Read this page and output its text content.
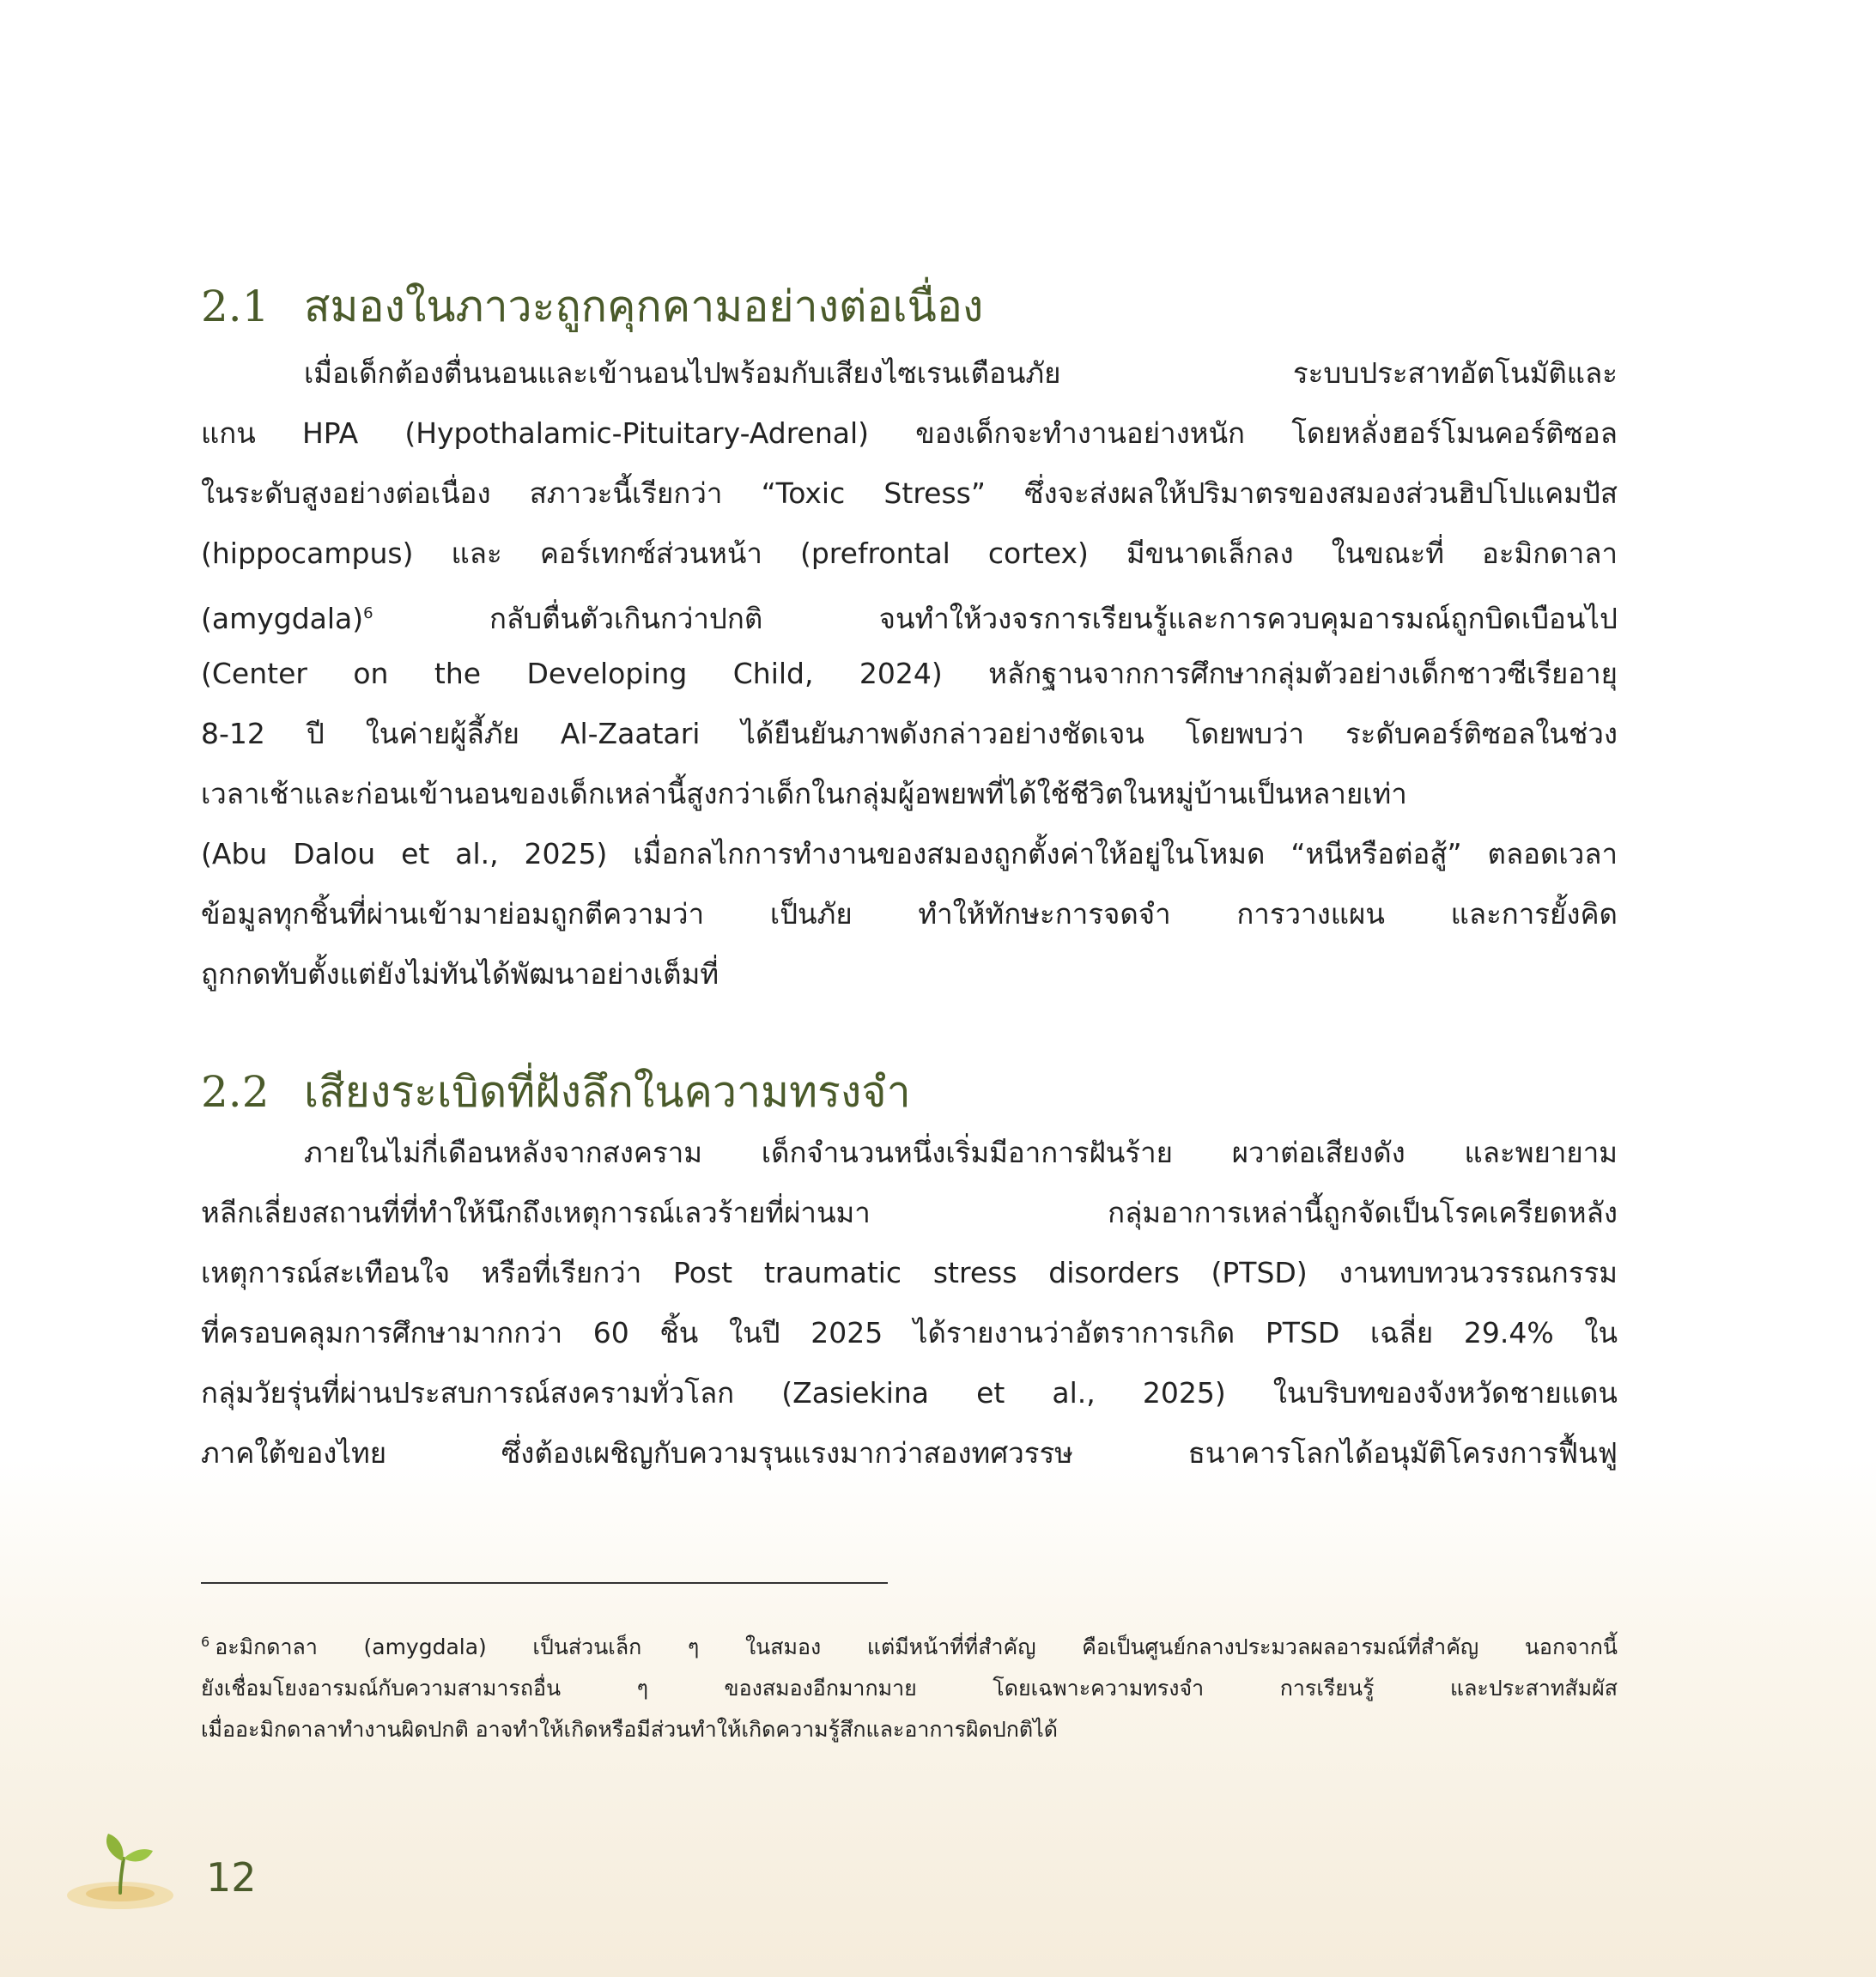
2.1 สมองในภาวะถูกคุกคามอย่างต่อเนื่อง
เมื่อเด็กต้องตื่นนอนและเข้านอนไปพร้อมกับเสียงไซเรนเตือนภัย ระบบประสาทอัตโนมัติและ
แกน HPA (Hypothalamic-Pituitary-Adrenal) ของเด็กจะทำงานอย่างหนัก โดยหลั่งฮอร์โมนคอร์ติซอล
ในระดับสูงอย่างต่อเนื่อง สภาวะนี้เรียกว่า “Toxic Stress” ซึ่งจะส่งผลให้ปริมาตรของสมองส่วนฮิปโปแคมปัส
(hippocampus) และ คอร์เทกซ์ส่วนหน้า (prefrontal cortex) มีขนาดเล็กลง ในขณะที่ อะมิกดาลา
(amygdala)$^6$	กลับตื่นตัวเกินกว่าปกติ จนทำให้วงจรการเรียนรู้และการควบคุมอารมณ์ถูกบิดเบือนไป
(Center on the Developing Child, 2024) หลักฐานจากการศึกษากลุ่มตัวอย่างเด็กชาวซีเรียอายุ
8-12 ปี ในค่ายผู้ลี้ภัย Al-Zaatari ได้ยืนยันภาพดังกล่าวอย่างชัดเจน โดยพบว่า ระดับคอร์ติซอลในช่วง
เวลาเช้าและก่อนเข้านอนของเด็กเหล่านี้สูงกว่าเด็กในกลุ่มผู้อพยพที่ได้ใช้ชีวิตในหมู่บ้านเป็นหลายเท่า
(Abu Dalou et al., 2025) เมื่อกลไกการทำงานของสมองถูกตั้งค่าให้อยู่ในโหมด “หนีหรือต่อสู้” ตลอดเวลา
ข้อมูลทุกชิ้นที่ผ่านเข้ามาย่อมถูกตีความว่า เป็นภัย ทำให้ทักษะการจดจำ การวางแผน และการยั้งคิด
ถูกกดทับตั้งแต่ยังไม่ทันได้พัฒนาอย่างเต็มที่
2.2 เสียงระเบิดที่ฝังลึกในความทรงจำ
ภายในไม่กี่เดือนหลังจากสงคราม เด็กจำนวนหนึ่งเริ่มมีอาการฝันร้าย ผวาต่อเสียงดัง และพยายาม
หลีกเลี่ยงสถานที่ที่ทำให้นึกถึงเหตุการณ์เลวร้ายที่ผ่านมา กลุ่มอาการเหล่านี้ถูกจัดเป็นโรคเครียดหลัง
เหตุการณ์สะเทือนใจ หรือที่เรียกว่า Post traumatic stress disorders (PTSD) งานทบทวนวรรณกรรม
ที่ครอบคลุมการศึกษามากกว่า 60 ชิ้น ในปี 2025 ได้รายงานว่าอัตราการเกิด PTSD เฉลี่ย 29.4% ใน
กลุ่มวัยรุ่นที่ผ่านประสบการณ์สงครามทั่วโลก (Zasiekina et al., 2025) ในบริบทของจังหวัดชายแดน
ภาคใต้ของไทย ซึ่งต้องเผชิญกับความรุนแรงมากว่าสองทศวรรษ ธนาคารโลกได้อนุมัติโครงการฟื้นฟู
$^6$ อะมิกดาลา (amygdala) เป็นส่วนเล็ก ๆ ในสมอง แต่มีหน้าที่ที่สำคัญ คือเป็นศูนย์กลางประมวลผลอารมณ์ที่สำคัญ นอกจากนี้
ยังเชื่อมโยงอารมณ์กับความสามารถอื่น ๆ ของสมองอีกมากมาย โดยเฉพาะความทรงจำ การเรียนรู้ และประสาทสัมผัส
เมื่ออะมิกดาลาทำงานผิดปกติ อาจทำให้เกิดหรือมีส่วนทำให้เกิดความรู้สึกและอาการผิดปกติได้
12
